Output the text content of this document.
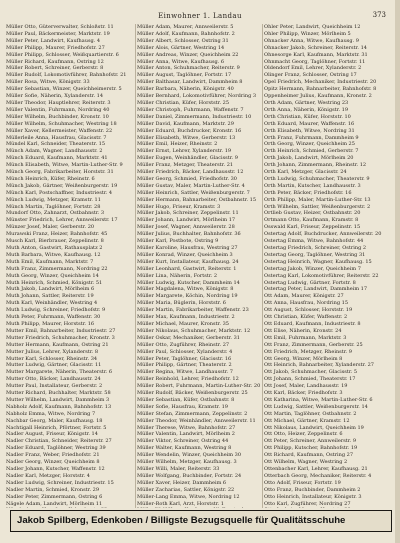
Einwohner 1. Landau	373
Müller Otto, Güterverwalter, Schloßstr. 11
Müller Paul, Bäckermeister, Marktstr. 19
Müller Peter, Landwirt, Kaufhausg. 4
Müller Philipp, Maurer, Friedhofstr. 27
Müller Philipp, Schlosser, Weißquartierstr. 6
Müller Richard, Kaufmann, Ostring 12
Müller Robert, Schreiner, Gerberstr. 8
Müller Rudolf, Lokomotivführer, Bahnhofstr. 21
Müller Rosa, Witwe, Königstr. 33
Müller Sebastian, Winzer, Queichheimerstr. 5
Müller Sofie, Näherin, Xylanderstr. 14
Müller Theodor, Hauptlehrer, Reiterstr. 3
Müller Valentin, Fuhrmann, Nordring 40
Müller Wilhelm, Buchbinder, Kronstr. 10
Müller Wilhelm, Schuhmacher, Westring 18
Müller Xaver, Kellermeister, Waffenstr. 22
Müllerleile Anna, Hausfrau, Glacisstr. 7
Mündel Karl, Schneider, Theaterstr. 15
Münch Adam, Wagner, Landhausstr. 2
Münch Eduard, Kaufmann, Marktstr. 41
Münch Elisabeth, Witwe, Martin-Luther-Str. 9
Münch Georg, Fabrikarbeiter, Horststr. 31
Münch Heinrich, Küfer, Rheinstr. 6
Münch Jakob, Gärtner, Weißenburgerstr. 19
Münch Karl, Postschaffner, Industriestr. 4
Münch Ludwig, Metzger, Kramstr. 11
Münch Martin, Taglöhner, Fortstr. 28
Mundorf Otto, Zahnarzt, Ostbahnstr. 3
Münster Friedrich, Lehrer, Annweilerstr. 17
Münzer Josef, Maler, Gerberstr. 20
Murawski Franz, Heizer, Bahnhofstr. 45
Musch Karl, Bierbrauer, Zeppelinstr. 8
Muth Anton, Gastwirt, Rathausplatz 2
Muth Barbara, Witwe, Kaufhausg. 12
Muth Emil, Kaufmann, Marktstr. 7
Muth Franz, Zimmermann, Nordring 22
Muth Georg, Winzer, Queichheim 14
Muth Heinrich, Schmied, Königstr. 51
Muth Jakob, Landwirt, Mörlheim 6
Muth Johann, Sattler, Reiterstr. 19
Muth Karl, Weinhändler, Westring 4
Muth Ludwig, Schreiner, Friedhofstr. 9
Muth Peter, Fuhrmann, Waffenstr. 30
Muth Philipp, Maurer, Horststr. 16
Mutter Emil, Bahnarbeiter, Industriestr. 27
Mutter Friedrich, Schuhmacher, Kronstr. 3
Mutter Hermann, Kaufmann, Ostring 21
Mutter Julius, Lehrer, Xylanderstr. 8
Mutter Karl, Schlosser, Rheinstr. 34
Mutter Ludwig, Gärtner, Glacisstr. 11
Mutter Margarete, Näherin, Theaterstr. 6
Mutter Otto, Bäcker, Landhausstr. 24
Mutter Paul, Installateur, Gerberstr. 2
Mutter Richard, Buchhalter, Marktstr. 58
Mutter Wilhelm, Landwirt, Dammheim 3
Nabholz Adolf, Kaufmann, Bahnhofstr. 13
Nabholz Emma, Witwe, Nordring 7
Nachbar Georg, Maler, Kaufhausg. 18
Nachtigall Heinrich, Pförtner, Fortstr. 5
Nadler August, Friseur, Königstr. 14
Nadler Christian, Schneider, Reiterstr. 27
Nadler Eduard, Taglöhner, Westring 39
Nadler Franz, Weber, Friedhofstr. 21
Nadler Georg, Winzer, Queichheim 8
Nadler Johann, Kutscher, Waffenstr. 12
Nadler Karl, Metzger, Horststr. 4
Nadler Ludwig, Schreiner, Industriestr. 15
Nadler Martin, Schmied, Kronstr. 29
Nadler Peter, Zimmermann, Ostring 6
Nägele Adam, Landwirt, Mörlheim 11
Müller Adam, Maurer, Annweilerstr. 5
Müller Adolf, Kaufmann, Bahnhofstr. 2
Müller Albert, Schlosser, Ostring 31
Müller Alois, Gärtner, Westring 14
Müller Andreas, Winzer, Queichheim 22
Müller Anna, Witwe, Kaufhausg. 6
Müller Anton, Schuhmacher, Reiterstr. 9
Müller August, Taglöhner, Fortstr. 17
Müller Balthasar, Landwirt, Dammheim 8
Müller Barbara, Näherin, Königstr. 40
Müller Bernhard, Lokomotivführer, Nordring 3
Müller Christian, Küfer, Horststr. 25
Müller Christoph, Fuhrmann, Waffenstr. 7
Müller Daniel, Zimmermann, Industriestr. 10
Müller David, Kaufmann, Marktstr. 29
Müller Eduard, Buchdrucker, Kronstr. 16
Müller Elisabeth, Witwe, Gerberstr. 13
Müller Emil, Heizer, Rheinstr. 2
Müller Ernst, Lehrer, Xylanderstr. 19
Müller Eugen, Weinhändler, Glacisstr. 9
Müller Franz, Metzger, Theaterstr. 21
Müller Friedrich, Bäcker, Landhausstr. 12
Müller Georg, Schmied, Friedhofstr. 30
Müller Gustav, Maler, Martin-Luther-Str. 4
Müller Heinrich, Sattler, Weißenburgerstr. 7
Müller Hermann, Bahnarbeiter, Ostbahnstr. 15
Müller Hugo, Friseur, Kramstr. 3
Müller Jakob, Schreiner, Zeppelinstr. 11
Müller Johann, Landwirt, Mörlheim 17
Müller Josef, Wagner, Annweilerstr. 28
Müller Julius, Buchhalter, Bahnhofstr. 36
Müller Karl, Postbote, Ostring 9
Müller Karoline, Hausfrau, Westring 27
Müller Konrad, Winzer, Queichheim 3
Müller Kurt, Installateur, Kaufhausg. 24
Müller Leonhard, Gastwirt, Reiterstr. 1
Müller Lina, Näherin, Fortstr. 2
Müller Ludwig, Kutscher, Dammheim 14
Müller Magdalena, Witwe, Königstr. 8
Müller Margarete, Köchin, Nordring 19
Müller Maria, Büglerin, Horststr. 6
Müller Martin, Fabrikarbeiter, Waffenstr. 23
Müller Max, Kaufmann, Industriestr. 2
Müller Michael, Maurer, Kronstr. 35
Müller Nikolaus, Schuhmacher, Marktstr. 12
Müller Oskar, Mechaniker, Gerberstr. 31
Müller Otto, Zugführer, Rheinstr. 27
Müller Paul, Schlosser, Xylanderstr. 4
Müller Peter, Taglöhner, Glacisstr. 16
Müller Philipp, Gärtner, Theaterstr. 2
Müller Regina, Witwe, Landhausstr. 7
Müller Reinhold, Lehrer, Friedhofstr. 12
Müller Robert, Fuhrmann, Martin-Luther-Str. 20
Müller Rudolf, Bäcker, Weißenburgerstr. 25
Müller Sebastian, Küfer, Ostbahnstr. 8
Müller Sofie, Hausfrau, Kramstr. 19
Müller Stefan, Zimmermann, Zeppelinstr. 2
Müller Theodor, Weinhändler, Annweilerstr. 11
Müller Therese, Witwe, Bahnhofstr. 27
Müller Valentin, Landwirt, Mörlheim 2
Müller Viktor, Schreiner, Ostring 44
Müller Walter, Kaufmann, Westring 8
Müller Wendelin, Winzer, Queichheim 30
Müller Wilhelm, Metzger, Kaufhausg. 3
Müller Willi, Maler, Reiterstr. 33
Müller Wolfgang, Buchbinder, Fortstr. 24
Müller Xaver, Heizer, Dammheim 6
Müller Zacharias, Sattler, Königstr. 22
Müller-Lang Emma, Witwe, Nordring 12
Müller-Roth Karl, Arzt, Horststr. 1
Ohler Peter, Landwirt, Queichheim 12
Ohler Philipp, Winzer, Mörlheim 5
Ohnacker Anna, Witwe, Kaufhausg. 9
Ohnacker Jakob, Schreiner, Reiterstr. 14
Ohnesorge Karl, Kaufmann, Marktstr. 31
Ohnmacht Georg, Taglöhner, Fortstr. 11
Oldendorf Emil, Lehrer, Xylanderstr. 2
Olinger Franz, Schlosser, Ostring 17
Opel Friedrich, Mechaniker, Industriestr. 20
Opitz Hermann, Bahnarbeiter, Bahnhofstr. 8
Oppenheimer Julius, Kaufmann, Kronstr. 2
Orth Adam, Gärtner, Westring 23
Orth Anna, Näherin, Königstr. 19
Orth Christian, Küfer, Horststr. 10
Orth Eduard, Maurer, Waffenstr. 16
Orth Elisabeth, Witwe, Nordring 31
Orth Franz, Fuhrmann, Dammheim 9
Orth Georg, Winzer, Queichheim 25
Orth Heinrich, Schmied, Gerberstr. 7
Orth Jakob, Landwirt, Mörlheim 20
Orth Johann, Zimmermann, Rheinstr. 12
Orth Karl, Metzger, Glacisstr. 24
Orth Ludwig, Schuhmacher, Theaterstr. 9
Orth Martin, Kutscher, Landhausstr. 3
Orth Peter, Bäcker, Friedhofstr. 16
Orth Philipp, Maler, Martin-Luther-Str. 13
Orth Wilhelm, Sattler, Weißenburgerstr. 2
Ortlieb Gustav, Heizer, Ostbahnstr. 20
Ortmann Otto, Kaufmann, Kramstr. 8
Osswald Karl, Friseur, Zeppelinstr. 15
Ostertag Adolf, Buchdrucker, Annweilerstr. 20
Ostertag Emma, Witwe, Bahnhofstr. 44
Ostertag Friedrich, Schreiner, Ostring 2
Ostertag Georg, Taglöhner, Westring 31
Ostertag Heinrich, Wagner, Kaufhausg. 15
Ostertag Jakob, Winzer, Queichheim 7
Ostertag Karl, Lokomotivführer, Reiterstr. 22
Ostertag Ludwig, Gärtner, Fortstr. 8
Ostertag Peter, Landwirt, Dammheim 17
Ott Adam, Maurer, Königstr. 27
Ott Anna, Hausfrau, Nordring 15
Ott August, Schlosser, Horststr. 19
Ott Christian, Küfer, Waffenstr. 2
Ott Eduard, Kaufmann, Industriestr. 8
Ott Elise, Näherin, Kronstr. 24
Ott Emil, Fuhrmann, Marktstr. 3
Ott Franz, Zimmermann, Gerberstr. 25
Ott Friedrich, Metzger, Rheinstr. 9
Ott Georg, Winzer, Mörlheim 8
Ott Heinrich, Bahnarbeiter, Xylanderstr. 27
Ott Jakob, Schuhmacher, Glacisstr. 5
Ott Johann, Schmied, Theaterstr. 17
Ott Josef, Maler, Landhausstr. 19
Ott Karl, Bäcker, Friedhofstr. 3
Ott Katharina, Witwe, Martin-Luther-Str. 6
Ott Ludwig, Sattler, Weißenburgerstr. 14
Ott Martin, Taglöhner, Ostbahnstr. 2
Ott Michael, Gärtner, Kramstr. 12
Ott Nikolaus, Landwirt, Queichheim 19
Ott Otto, Heizer, Zeppelinstr. 6
Ott Peter, Schreiner, Annweilerstr. 9
Ott Philipp, Kutscher, Bahnhofstr. 19
Ott Richard, Kaufmann, Ostring 27
Ott Wilhelm, Wagner, Westring 2
Ottenbacher Karl, Lehrer, Kaufhausg. 21
Otterbach Georg, Mechaniker, Reiterstr. 4
Otto Adolf, Friseur, Fortstr. 19
Otto Franz, Buchbinder, Dammheim 2
Otto Heinrich, Installateur, Königstr. 3
Otto Karl, Zugführer, Nordring 27
Jakob Spilberg, Edenkoben / Billigste Bezugsquelle für Qualitätsschuhe
